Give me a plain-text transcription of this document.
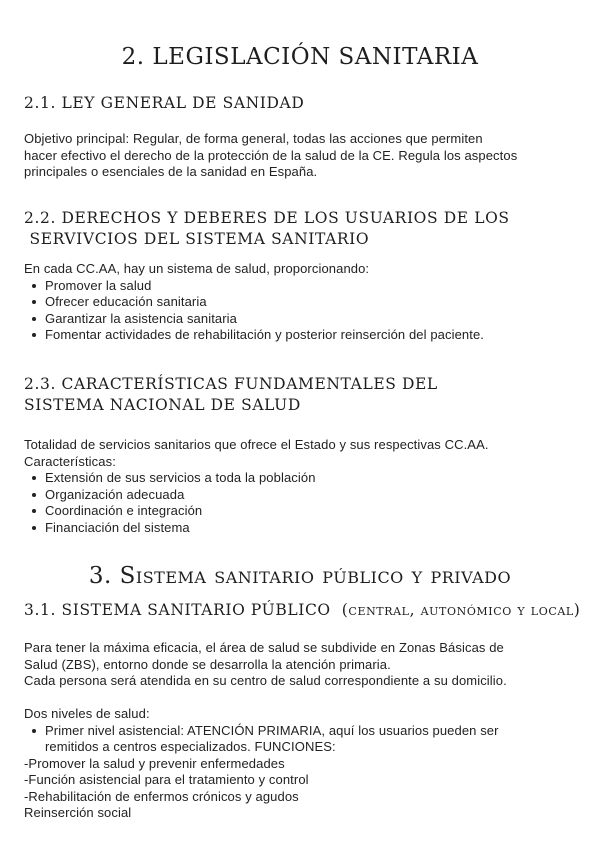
2. LEGISLACIÓN SANITARIA
2.1. LEY GENERAL DE SANIDAD

Objetivo principal: Regular, de forma general, todas las acciones que permiten

hacer efectivo el derecho de la protección de la salud de la CE. Regula los aspectos

principales o esenciales de la sanidad en España.

2.2. DERECHOS Y DEBERES DE LOS USUARIOS DE LOS
SERVIVCIOS DEL SISTEMA SANITARIO

En cada CC.AA, hay un sistema de salud, proporcionando:

Promover la salud
Ofrecer educación sanitaria
Garantizar la asistencia sanitaria
Fomentar actividades de rehabilitación y posterior reinserción del paciente.
2.3. CARACTERÍSTICAS FUNDAMENTALES DEL
SISTEMA NACIONAL DE SALUD

Totalidad de servicios sanitarios que ofrece el Estado y sus respectivas CC.AA.

Características:

Extensión de sus servicios a toda la población
Organización adecuada
Coordinación e integración
Financiación del sistema
3. Sistema sanitario público y privado
3.1. SISTEMA SANITARIO PÚBLICO (central, autonómico y local)

Para tener la máxima eficacia, el área de salud se subdivide en Zonas Básicas de

Salud (ZBS), entorno donde se desarrolla la atención primaria.

Cada persona será atendida en su centro de salud correspondiente a su domicilio.

Dos niveles de salud:

Primer nivel asistencial: ATENCIÓN PRIMARIA, aquí los usuarios pueden ser
remitidos a centros especializados. FUNCIONES:

-Promover la salud y prevenir enfermedades

-Función asistencial para el tratamiento y control

-Rehabilitación de enfermos crónicos y agudos

Reinserción social
